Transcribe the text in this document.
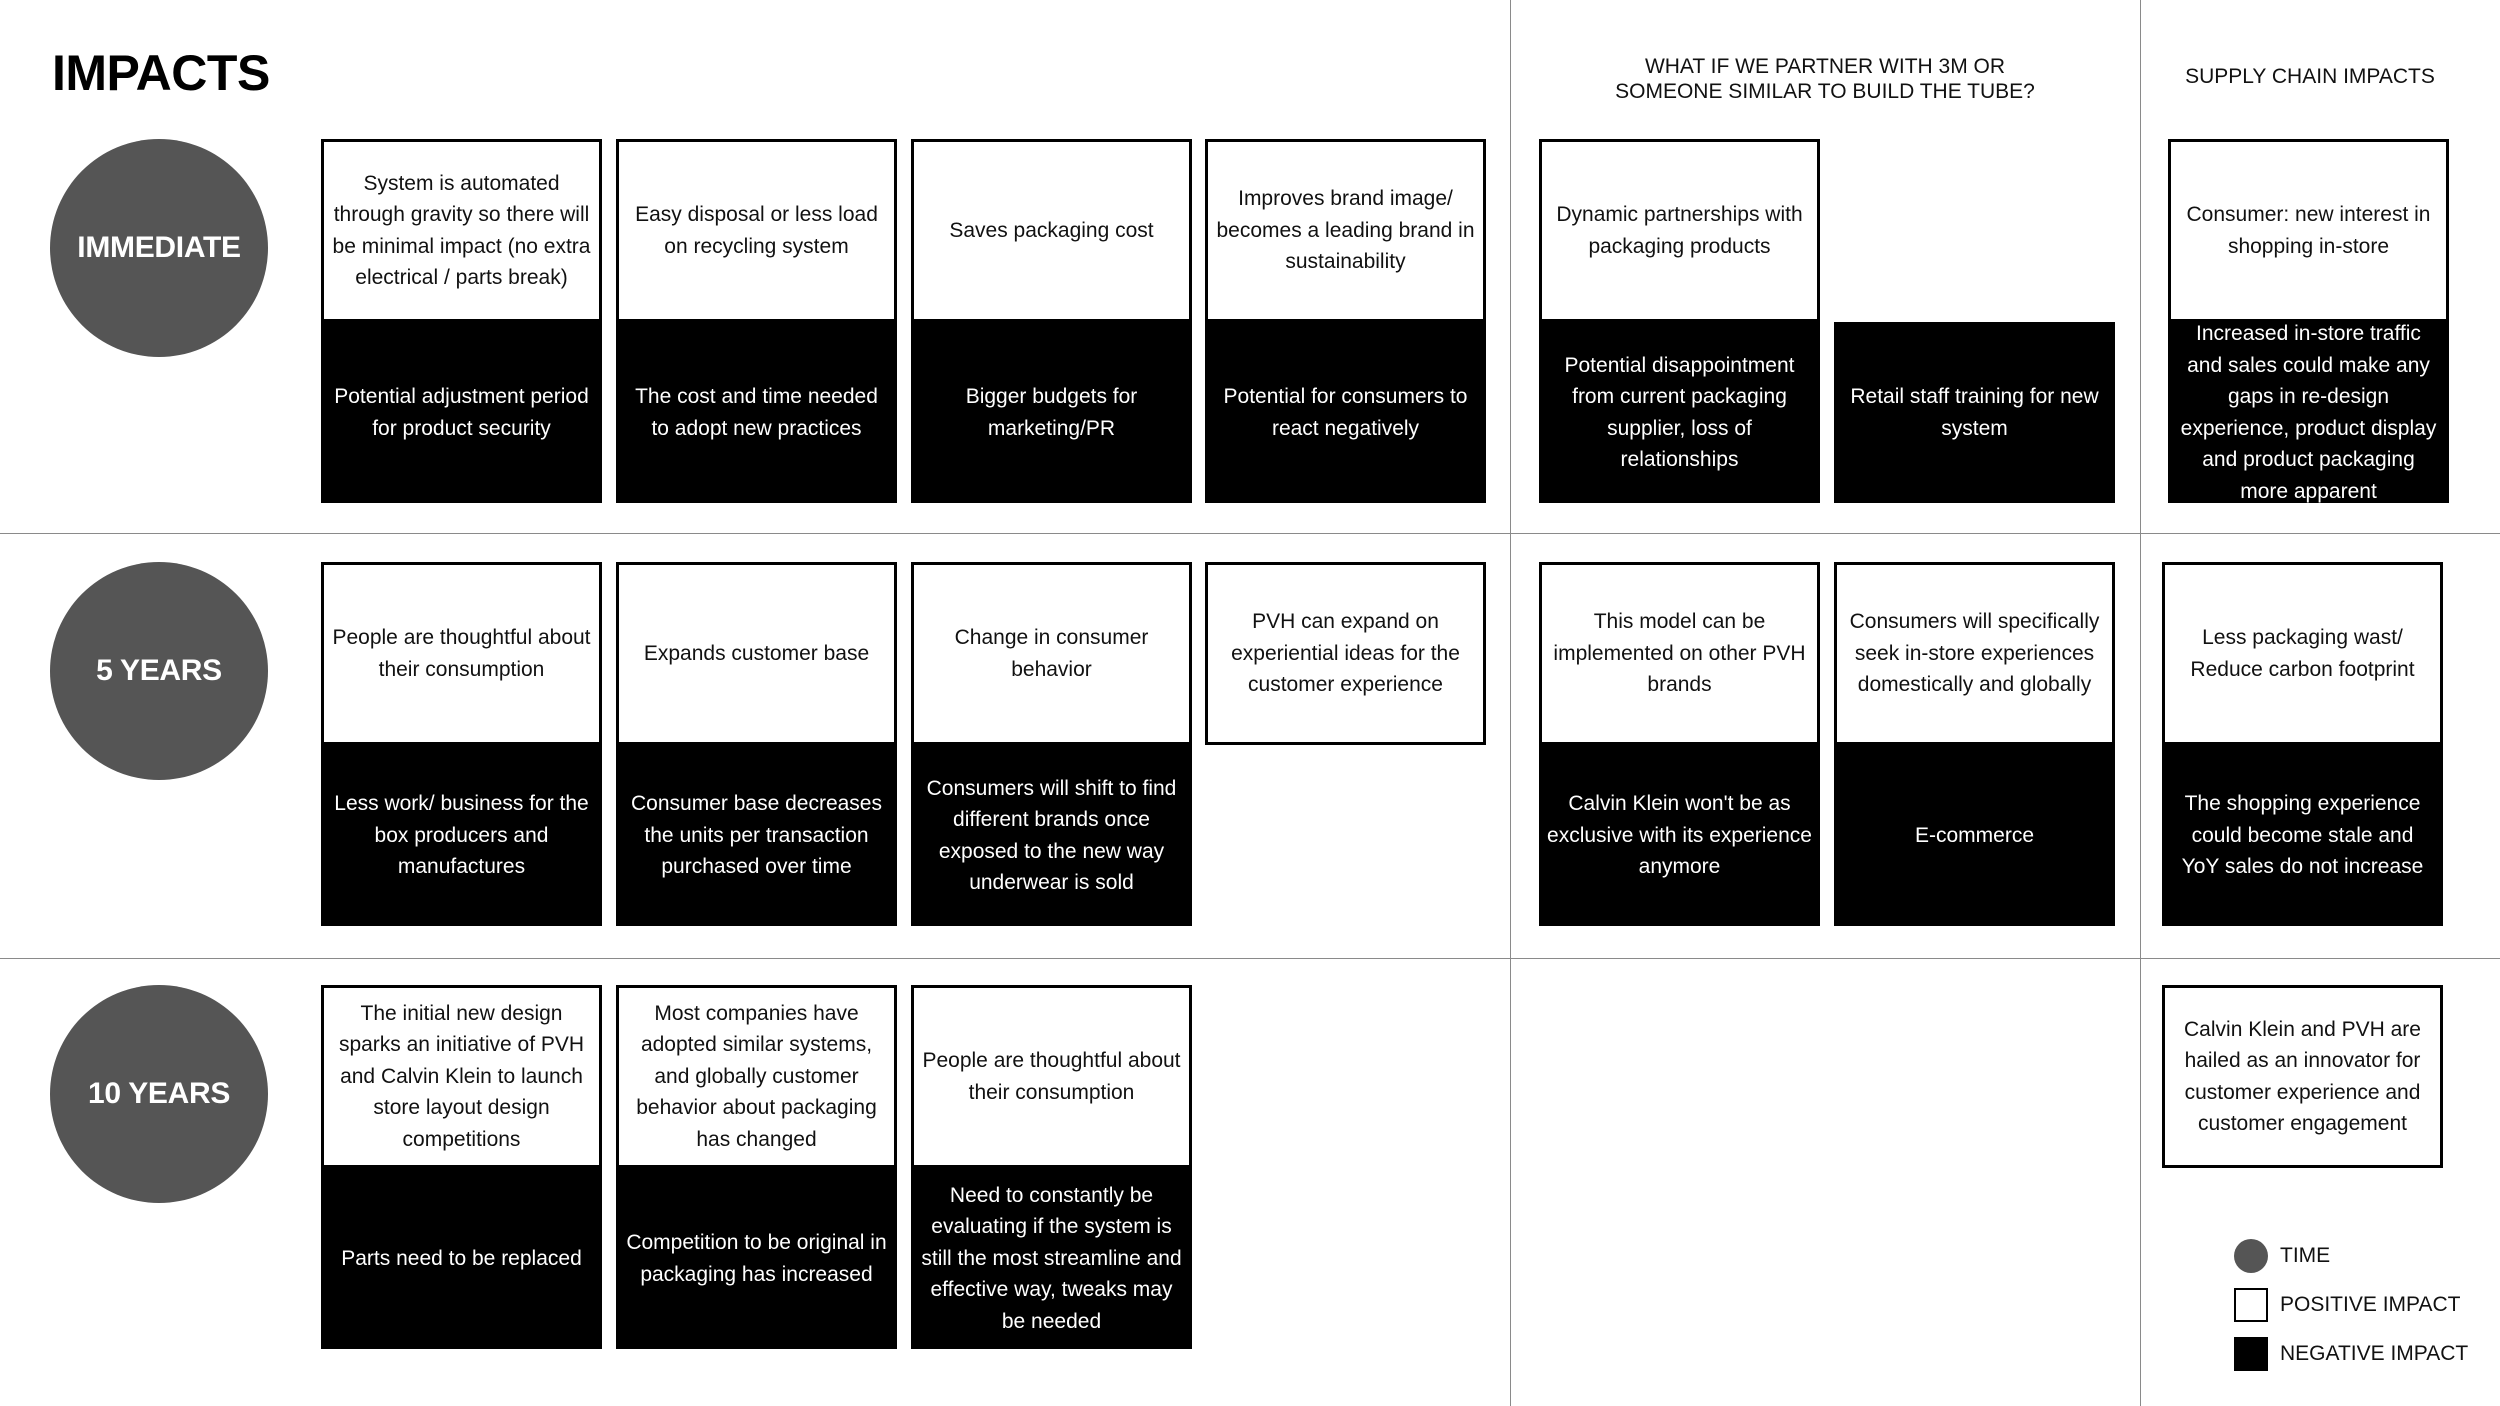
IMPACTS	WHAT IF WE PARTNER WITH 3M OR
SOMEONE SIMILAR TO BUILD THE TUBE?
SUPPLY CHAIN IMPACTS
IMMEDIATE
System is automated through gravity so there will be minimal impact (no extra electrical / parts break)
Easy disposal or less load on recycling system
Saves packaging cost
Improves brand image/ becomes a leading brand in sustainability
Potential adjustment period for product security
The cost and time needed to adopt new practices
Bigger budgets for marketing/PR
Potential for consumers to react negatively
Dynamic partnerships with packaging products
Potential disappointment from current packaging supplier, loss of relationships
Retail staff training for new system
Consumer: new interest in shopping in-store
Increased in-store traffic and sales could make any gaps in re-design experience, product display and product packaging more apparent
5 YEARS
People are thoughtful about their consumption
Expands customer base
Change in consumer behavior
PVH can expand on experiential ideas for the customer experience
Less work/ business for the box producers and manufactures
Consumer base decreases the units per transaction purchased over time
Consumers will shift to find different brands once exposed to the new way underwear is sold
This model can be implemented on other PVH brands
Consumers will specifically seek in-store experiences domestically and globally
Calvin Klein won't be as exclusive with its experience anymore
E-commerce
Less packaging wast/ Reduce carbon footprint
The shopping experience could become stale and YoY sales do not increase
10 YEARS
The initial new design sparks an initiative of PVH and Calvin Klein to launch store layout design competitions
Most companies have adopted similar systems, and globally customer behavior about packaging has changed
People are thoughtful about their consumption
Parts need to be replaced
Competition to be original in packaging has increased
Need to constantly be evaluating if the system is still the most streamline and effective way, tweaks may be needed
Calvin Klein and PVH are hailed as an innovator for customer experience and customer engagement
TIME
POSITIVE IMPACT
NEGATIVE IMPACT
